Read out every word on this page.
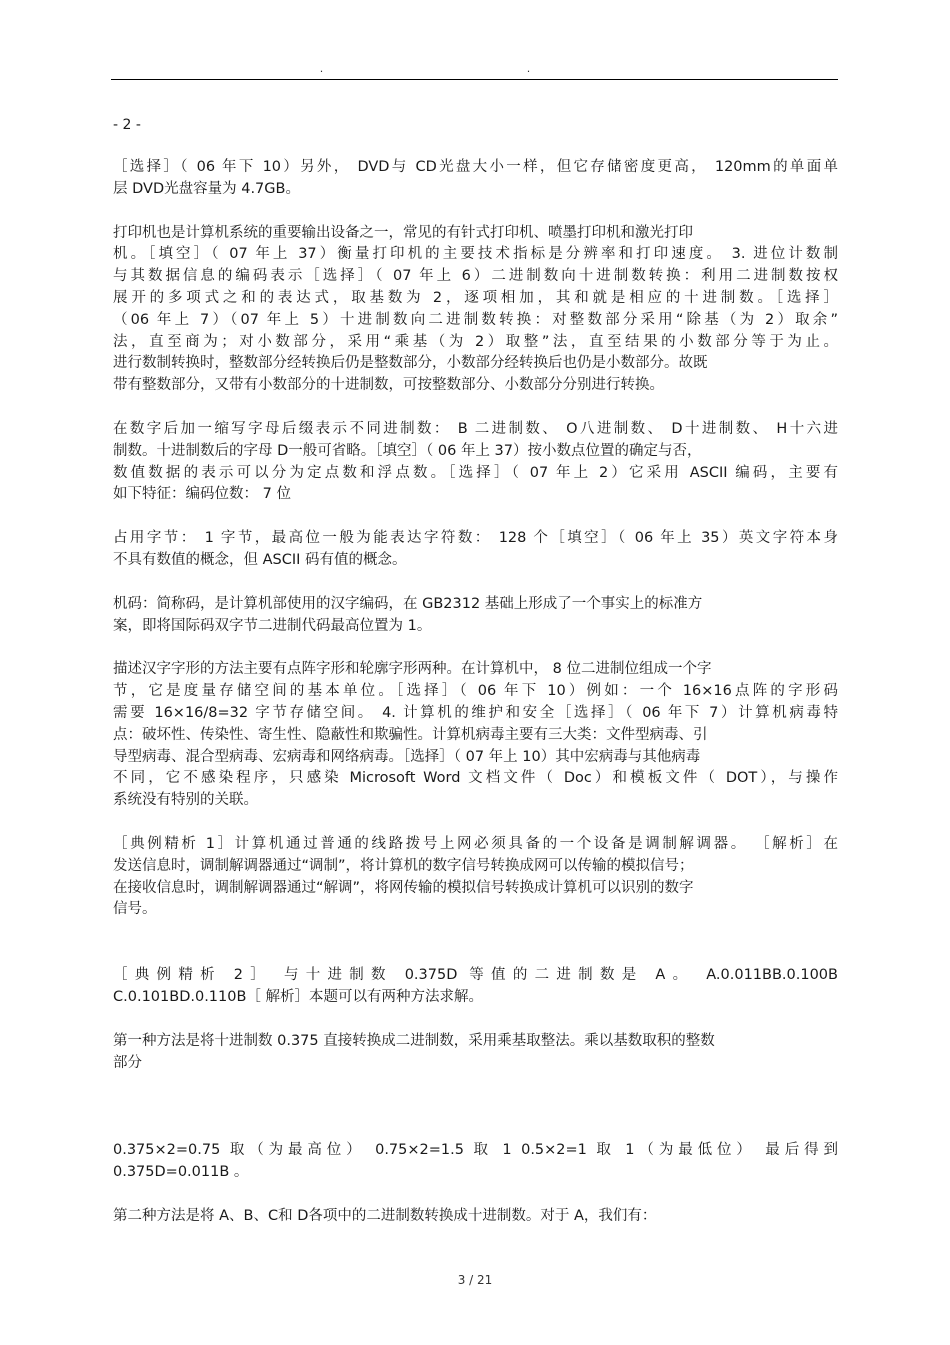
. .
- 2 -

［选择］（ 06 年下 10）另外， DVD与 CD光盘大小一样，但它存储密度更高， 120mm的单面单

层 DVD光盘容量为 4.7GB。

打印机也是计算机系统的重要输出设备之一，常见的有针式打印机、喷墨打印机和激光打印

机。［填空］（ 07 年上 37）衡量打印机的主要技术指标是分辨率和打印速度。 3. 进位计数制

与其数据信息的编码表示［选择］（ 07 年上 6）二进制数向十进制数转换：利用二进制数按权

展开的多项式之和的表达式，取基数为 2，逐项相加，其和就是相应的十进制数。［选择］

（06 年上 7）（07 年上 5）十进制数向二进制数转换：对整数部分采用“除基（为 2）取余”

法，直至商为；对小数部分，采用“乘基（为 2）取整”法，直至结果的小数部分等于为止。

进行数制转换时，整数部分经转换后仍是整数部分，小数部分经转换后也仍是小数部分。故既

带有整数部分，又带有小数部分的十进制数，可按整数部分、小数部分分别进行转换。

在数字后加一缩写字母后缀表示不同进制数： B 二进制数、 O八进制数、 D十进制数、 H十六进

制数。十进制数后的字母 D一般可省略。［填空］（ 06 年上 37）按小数点位置的确定与否，

数值数据的表示可以分为定点数和浮点数。［选择］（ 07 年上 2）它采用 ASCII 编码，主要有

如下特征：编码位数： 7 位

占用字节： 1 字节，最高位一般为能表达字符数： 128 个［填空］（ 06 年上 35）英文字符本身

不具有数值的概念，但 ASCII 码有值的概念。

机码：简称码，是计算机部使用的汉字编码，在 GB2312 基础上形成了一个事实上的标准方

案，即将国际码双字节二进制代码最高位置为 1。

描述汉字字形的方法主要有点阵字形和轮廓字形两种。在计算机中， 8 位二进制位组成一个字

节，它是度量存储空间的基本单位。［选择］（ 06 年下 10）例如：一个 16×16点阵的字形码

需要 16×16/8=32 字节存储空间。 4. 计算机的维护和安全［选择］（ 06 年下 7）计算机病毒特

点：破坏性、传染性、寄生性、隐蔽性和欺骗性。计算机病毒主要有三大类：文件型病毒、引

导型病毒、混合型病毒、宏病毒和网络病毒。［选择］（ 07 年上 10）其中宏病毒与其他病毒

不同，它不感染程序，只感染 Microsoft Word 文档文件（ Doc）和模板文件（ DOT），与操作

系统没有特别的关联。

［典例精析 1］计算机通过普通的线路拨号上网必须具备的一个设备是调制解调器。 ［解析］在

发送信息时，调制解调器通过“调制”，将计算机的数字信号转换成网可以传输的模拟信号；

在接收信息时，调制解调器通过“解调”，将网传输的模拟信号转换成计算机可以识别的数字

信号。

［典例精析 2］ 与十进制数 0.375D 等值的二进制数是 A。 A.0.011BB.0.100B

C.0.101BD.0.110B［ 解析］本题可以有两种方法求解。

第一种方法是将十进制数 0.375 直接转换成二进制数，采用乘基取整法。乘以基数取积的整数

部分

0.375×2=0.75 取（为最高位） 0.75×2=1.5 取 1 0.5×2=1 取 1（为最低位） 最后得到

0.375D=0.011B 。

第二种方法是将 A、B、C和 D各项中的二进制数转换成十进制数。对于 A，我们有：

3 / 21
